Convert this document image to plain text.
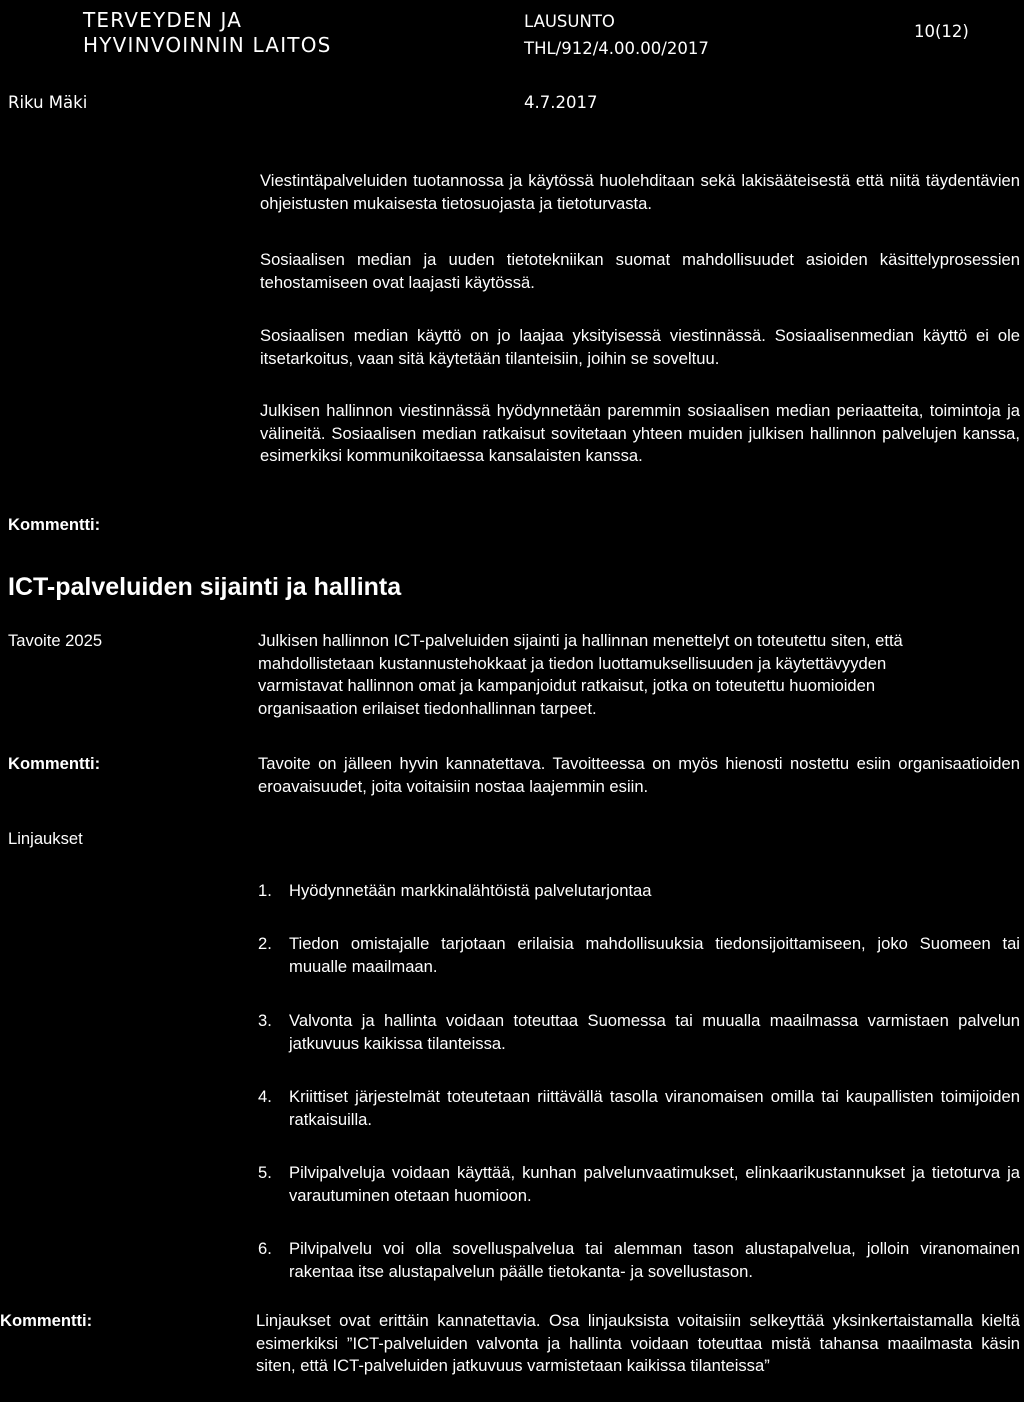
TERVEYDEN JA
HYVINVOINNIN LAITOS
LAUSUNTO
THL/912/4.00.00/2017
10(12)
Riku Mäki	4.7.2017

Viestintäpalveluiden tuotannossa ja käytössä huolehditaan sekä lakisääteisestä että niitä täydentävien ohjeistusten mukaisesta tietosuojasta ja tietoturvasta.

Sosiaalisen median ja uuden tietotekniikan suomat mahdollisuudet asioiden käsittelyprosessien tehostamiseen ovat laajasti käytössä.

Sosiaalisen median käyttö on jo laajaa yksityisessä viestinnässä. Sosiaalisenmedian käyttö ei ole itsetarkoitus, vaan sitä käytetään tilanteisiin, joihin se soveltuu.

Julkisen hallinnon viestinnässä hyödynnetään paremmin sosiaalisen median periaatteita, toimintoja ja välineitä. Sosiaalisen median ratkaisut sovitetaan yhteen muiden julkisen hallinnon palvelujen kanssa, esimerkiksi kommunikoitaessa kansalaisten kanssa.

Kommentti:
ICT-palveluiden sijainti ja hallinta
Tavoite 2025	Julkisen hallinnon ICT-palveluiden sijainti ja hallinnan menettelyt on toteutettu siten, että mahdollistetaan kustannustehokkaat ja tiedon luottamuksellisuuden ja käytettävyyden varmistavat hallinnon omat ja kampanjoidut ratkaisut, jotka on toteutettu huomioiden organisaation erilaiset tiedonhallinnan tarpeet.

Kommentti:	Tavoite on jälleen hyvin kannatettava. Tavoitteessa on myös hienosti nostettu esiin organisaatioiden eroavaisuudet, joita voitaisiin nostaa laajemmin esiin.

Linjaukset
1. Hyödynnetään markkinalähtöistä palvelutarjontaa

2. Tiedon omistajalle tarjotaan erilaisia mahdollisuuksia tiedonsijoittamiseen, joko Suomeen tai muualle maailmaan.

3. Valvonta ja hallinta voidaan toteuttaa Suomessa tai muualla maailmassa varmistaen palvelun jatkuvuus kaikissa tilanteissa.

4. Kriittiset järjestelmät toteutetaan riittävällä tasolla viranomaisen omilla tai kaupallisten toimijoiden ratkaisuilla.

5. Pilvipalveluja voidaan käyttää, kunhan palvelunvaatimukset, elinkaarikustannukset ja tietoturva ja varautuminen otetaan huomioon.

6. Pilvipalvelu voi olla sovelluspalvelua tai alemman tason alustapalvelua, jolloin viranomainen rakentaa itse alustapalvelun päälle tietokanta- ja sovellustason.

Kommentti:	Linjaukset ovat erittäin kannatettavia. Osa linjauksista voitaisiin selkeyttää yksinkertaistamalla kieltä esimerkiksi ”ICT-palveluiden valvonta ja hallinta voidaan toteuttaa mistä tahansa maailmasta käsin siten, että ICT-palveluiden jatkuvuus varmistetaan kaikissa tilanteissa”
